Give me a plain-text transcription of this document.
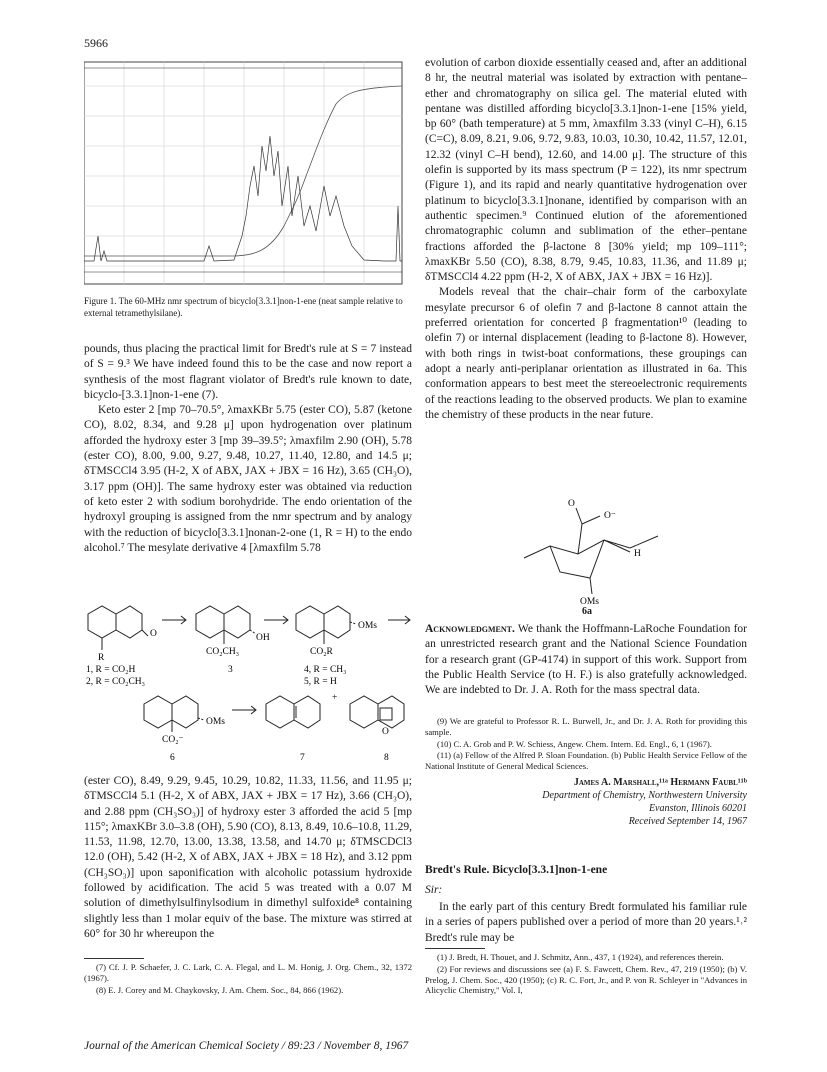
5966
Figure 1. The 60-MHz nmr spectrum of bicyclo[3.3.1]non-1-ene (neat sample relative to external tetramethylsilane).

pounds, thus placing the practical limit for Bredt's rule at S = 7 instead of S = 9.³ We have indeed found this to be the case and now report a synthesis of the most flagrant violator of Bredt's rule known to date, bicyclo-[3.3.1]non-1-ene (7).

Keto ester 2 [mp 70–70.5°, λmaxKBr 5.75 (ester CO), 5.87 (ketone CO), 8.02, 8.34, and 9.28 μ] upon hydrogenation over platinum afforded the hydroxy ester 3 [mp 39–39.5°; λmaxfilm 2.90 (OH), 5.78 (ester CO), 8.00, 9.00, 9.27, 9.48, 10.27, 11.40, 12.80, and 14.5 μ; δTMSCCl4 3.95 (H-2, X of ABX, JAX + JBX = 16 Hz), 3.65 (CH₃O), 3.17 ppm (OH)]. The same hydroxy ester was obtained via reduction of keto ester 2 with sodium borohydride. The endo orientation of the hydroxyl grouping is assigned from the nmr spectrum and by analogy with the reduction of bicyclo[3.3.1]nonan-2-one (1, R = H) to the endo alcohol.⁷ The mesylate derivative 4 [λmaxfilm 5.78

O
R
1, R = CO₂H
2, R = CO₂CH₃
OH
CO₂CH₃
3
OMs
CO₂R
4, R = CH₃
5, R = H
OMs
CO₂⁻
6	7
+
O
8

(ester CO), 8.49, 9.29, 9.45, 10.29, 10.82, 11.33, 11.56, and 11.95 μ; δTMSCCl4 5.1 (H-2, X of ABX, JAX + JBX = 17 Hz), 3.66 (CH₃O), and 2.88 ppm (CH₃SO₃)] of hydroxy ester 3 afforded the acid 5 [mp 115°; λmaxKBr 3.0–3.8 (OH), 5.90 (CO), 8.13, 8.49, 10.6–10.8, 11.29, 11.53, 11.98, 12.70, 13.00, 13.38, 13.58, and 14.70 μ; δTMSCDCl3 12.0 (OH), 5.42 (H-2, X of ABX, JAX + JBX = 18 Hz), and 3.12 ppm (CH₃SO₃)] upon saponification with alcoholic potassium hydroxide followed by acidification. The acid 5 was treated with a 0.07 M solution of dimethylsulfinylsodium in dimethyl sulfoxide⁸ containing slightly less than 1 molar equiv of the base. The mixture was stirred at 60° for 30 hr whereupon the

(7) Cf. J. P. Schaefer, J. C. Lark, C. A. Flegal, and L. M. Honig, J. Org. Chem., 32, 1372 (1967).

(8) E. J. Corey and M. Chaykovsky, J. Am. Chem. Soc., 84, 866 (1962).

evolution of carbon dioxide essentially ceased and, after an additional 8 hr, the neutral material was isolated by extraction with pentane–ether and chromatography on silica gel. The material eluted with pentane was distilled affording bicyclo[3.3.1]non-1-ene [15% yield, bp 60° (bath temperature) at 5 mm, λmaxfilm 3.33 (vinyl C–H), 6.15 (C=C), 8.09, 8.21, 9.06, 9.72, 9.83, 10.03, 10.30, 10.42, 11.57, 12.01, 12.32 (vinyl C–H bend), 12.60, and 14.00 μ]. The structure of this olefin is supported by its mass spectrum (P = 122), its nmr spectrum (Figure 1), and its rapid and nearly quantitative hydrogenation over platinum to bicyclo[3.3.1]nonane, identified by comparison with an authentic specimen.⁹ Continued elution of the aforementioned chromatographic column and sublimation of the ether–pentane fractions afforded the β-lactone 8 [30% yield; mp 109–111°; λmaxKBr 5.50 (CO), 8.38, 8.79, 9.45, 10.83, 11.36, and 11.89 μ; δTMSCCl4 4.22 ppm (H-2, X of ABX, JAX + JBX = 16 Hz)].

Models reveal that the chair–chair form of the carboxylate mesylate precursor 6 of olefin 7 and β-lactone 8 cannot attain the preferred orientation for concerted β fragmentation¹⁰ (leading to olefin 7) or internal displacement (leading to β-lactone 8). However, with both rings in twist-boat conformations, these groupings can adopt a nearly anti-periplanar orientation as illustrated in 6a. This conformation appears to best meet the stereoelectronic requirements of the reactions leading to the observed products. We plan to examine the chemistry of these products in the near future.

O
O⁻
H
OMs
6a

Acknowledgment. We thank the Hoffmann-LaRoche Foundation for an unrestricted research grant and the National Science Foundation for a research grant (GP-4174) in support of this work. Support from the Public Health Service (to H. F.) is also gratefully acknowledged. We are indebted to Dr. J. A. Roth for the mass spectral data.

(9) We are grateful to Professor R. L. Burwell, Jr., and Dr. J. A. Roth for providing this sample.

(10) C. A. Grob and P. W. Schiess, Angew. Chem. Intern. Ed. Engl., 6, 1 (1967).

(11) (a) Fellow of the Alfred P. Sloan Foundation. (b) Public Health Service Fellow of the National Institute of General Medical Sciences.

James A. Marshall,¹¹ᵃ Hermann Faubl¹¹ᵇ
Department of Chemistry, Northwestern University
Evanston, Illinois 60201
Received September 14, 1967

Bredt's Rule. Bicyclo[3.3.1]non-1-ene

Sir:

In the early part of this century Bredt formulated his familiar rule in a series of papers published over a period of more than 20 years.¹˒² Bredt's rule may be

(1) J. Bredt, H. Thouet, and J. Schmitz, Ann., 437, 1 (1924), and references therein.

(2) For reviews and discussions see (a) F. S. Fawcett, Chem. Rev., 47, 219 (1950); (b) V. Prelog, J. Chem. Soc., 420 (1950); (c) R. C. Fort, Jr., and P. von R. Schleyer in "Advances in Alicyclic Chemistry," Vol. I,

Journal of the American Chemical Society / 89:23 / November 8, 1967
